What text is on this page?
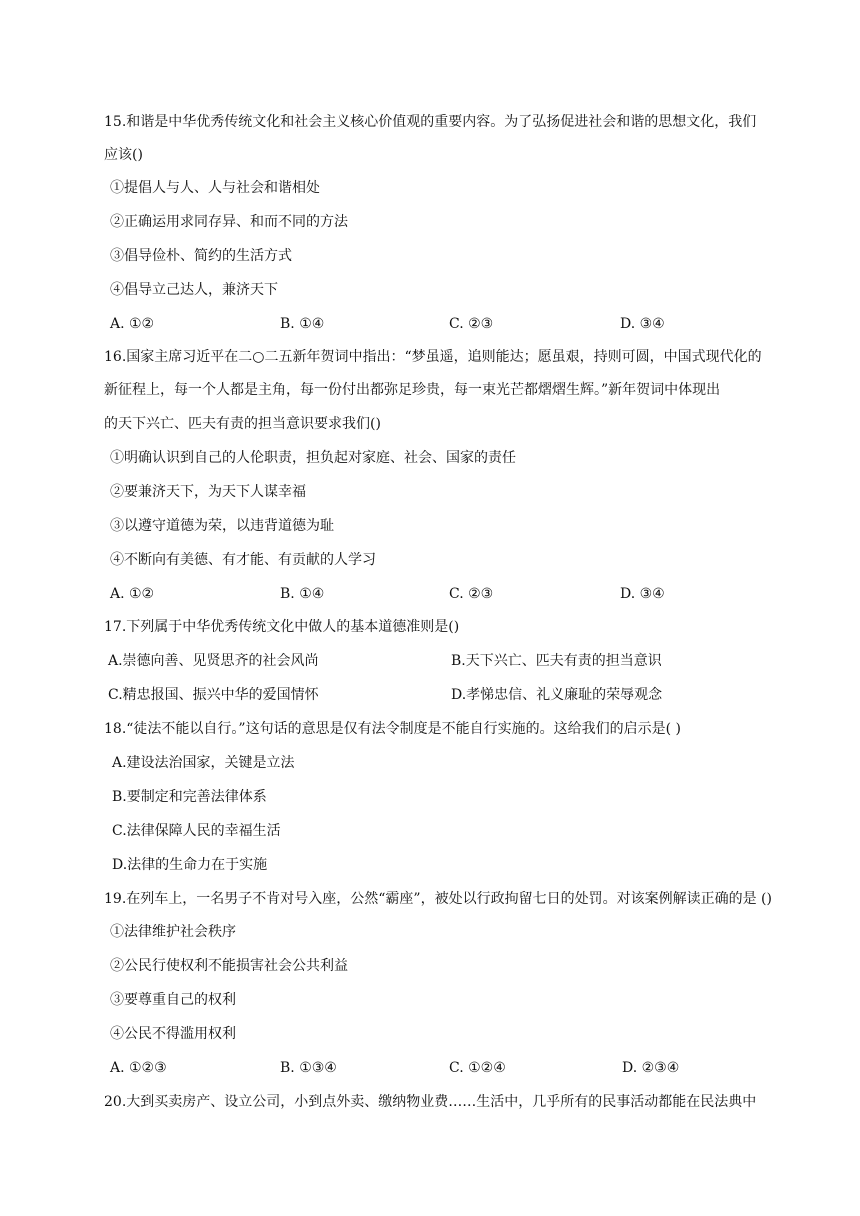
15.和谐是中华优秀传统文化和社会主义核心价值观的重要内容。为了弘扬促进社会和谐的思想文化，我们
应该()
①提倡人与人、人与社会和谐相处
②正确运用求同存异、和而不同的方法
③倡导俭朴、简约的生活方式
④倡导立己达人，兼济天下
A. ①②	B. ①④	C. ②③	D. ③④
16.国家主席习近平在二○二五新年贺词中指出：“梦虽遥，追则能达；愿虽艰，持则可圆，中国式现代化的
新征程上，每一个人都是主角，每一份付出都弥足珍贵，每一束光芒都熠熠生辉。”新年贺词中体现出
的天下兴亡、匹夫有责的担当意识要求我们()
①明确认识到自己的人伦职责，担负起对家庭、社会、国家的责任
②要兼济天下，为天下人谋幸福
③以遵守道德为荣，以违背道德为耻
④不断向有美德、有才能、有贡献的人学习
A. ①②	B. ①④	C. ②③	D. ③④
17.下列属于中华优秀传统文化中做人的基本道德准则是()
A.崇德向善、见贤思齐的社会风尚	B.天下兴亡、匹夫有责的担当意识
C.精忠报国、振兴中华的爱国情怀	D.孝悌忠信、礼义廉耻的荣辱观念
18.“徒法不能以自行。”这句话的意思是仅有法令制度是不能自行实施的。这给我们的启示是( )
A.建设法治国家，关键是立法
B.要制定和完善法律体系
C.法律保障人民的幸福生活
D.法律的生命力在于实施
19.在列车上，一名男子不肯对号入座，公然“霸座”，被处以行政拘留七日的处罚。对该案例解读正确的是 ()
①法律维护社会秩序
②公民行使权利不能损害社会公共利益
③要尊重自己的权利
④公民不得滥用权利
A. ①②③	B. ①③④	C. ①②④	D. ②③④
20.大到买卖房产、设立公司，小到点外卖、缴纳物业费……生活中，几乎所有的民事活动都能在民法典中
